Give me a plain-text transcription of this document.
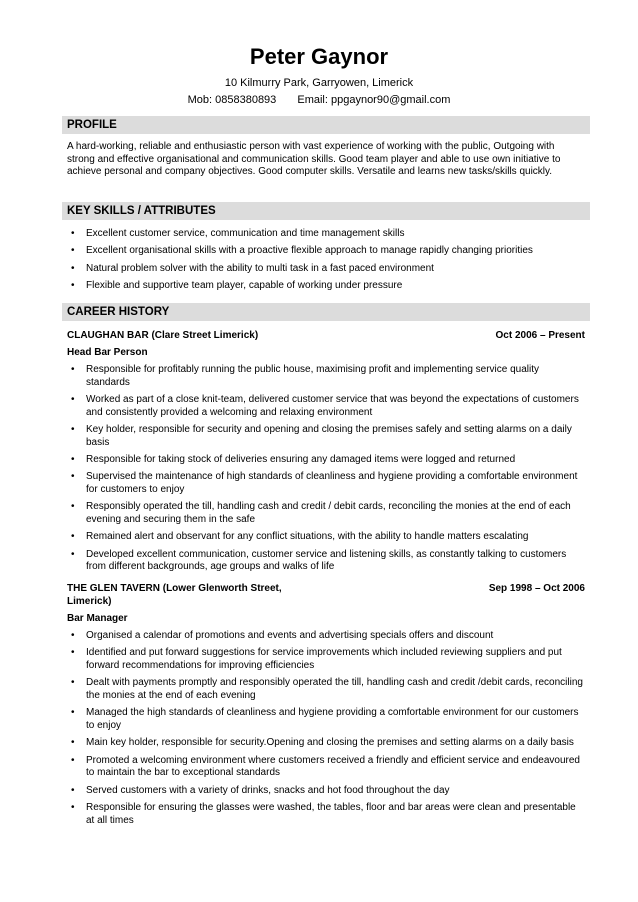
Peter Gaynor
10 Kilmurry Park, Garryowen, Limerick
Mob: 0858380893 Email: ppgaynor90@gmail.com
PROFILE
A hard-working, reliable and enthusiastic person with vast experience of working with the public, Outgoing with strong and effective organisational and communication skills. Good team player and able to use own initiative to achieve personal and company objectives. Good computer skills. Versatile and learns new tasks/skills quickly.
KEY SKILLS / ATTRIBUTES
• Excellent customer service, communication and time management skills
• Excellent organisational skills with a proactive flexible approach to manage rapidly changing priorities
• Natural problem solver with the ability to multi task in a fast paced environment
• Flexible and supportive team player, capable of working under pressure
CAREER HISTORY
CLAUGHAN BAR (Clare Street Limerick)	Oct 2006 – Present
Head Bar Person
• Responsible for profitably running the public house, maximising profit and implementing service quality standards
• Worked as part of a close knit-team, delivered customer service that was beyond the expectations of customers and consistently provided a welcoming and relaxing environment
• Key holder, responsible for security and opening and closing the premises safely and setting alarms on a daily basis
• Responsible for taking stock of deliveries ensuring any damaged items were logged and returned
• Supervised the maintenance of high standards of cleanliness and hygiene providing a comfortable environment for customers to enjoy
• Responsibly operated the till, handling cash and credit / debit cards, reconciling the monies at the end of each evening and securing them in the safe
• Remained alert and observant for any conflict situations, with the ability to handle matters escalating
• Developed excellent communication, customer service and listening skills, as constantly talking to customers from different backgrounds, age groups and walks of life
THE GLEN TAVERN (Lower Glenworth Street, Limerick)
Sep 1998 – Oct 2006
Bar Manager
• Organised a calendar of promotions and events and advertising specials offers and discount
• Identified and put forward suggestions for service improvements which included reviewing suppliers and put forward recommendations for improving efficiencies
• Dealt with payments promptly and responsibly operated the till, handling cash and credit /debit cards, reconciling the monies at the end of each evening
• Managed the high standards of cleanliness and hygiene providing a comfortable environment for our customers to enjoy
• Main key holder, responsible for security.Opening and closing the premises and setting alarms on a daily basis
• Promoted a welcoming environment where customers received a friendly and efficient service and endeavoured to maintain the bar to exceptional standards
• Served customers with a variety of drinks, snacks and hot food throughout the day
• Responsible for ensuring the glasses were washed, the tables, floor and bar areas were clean and presentable at all times
